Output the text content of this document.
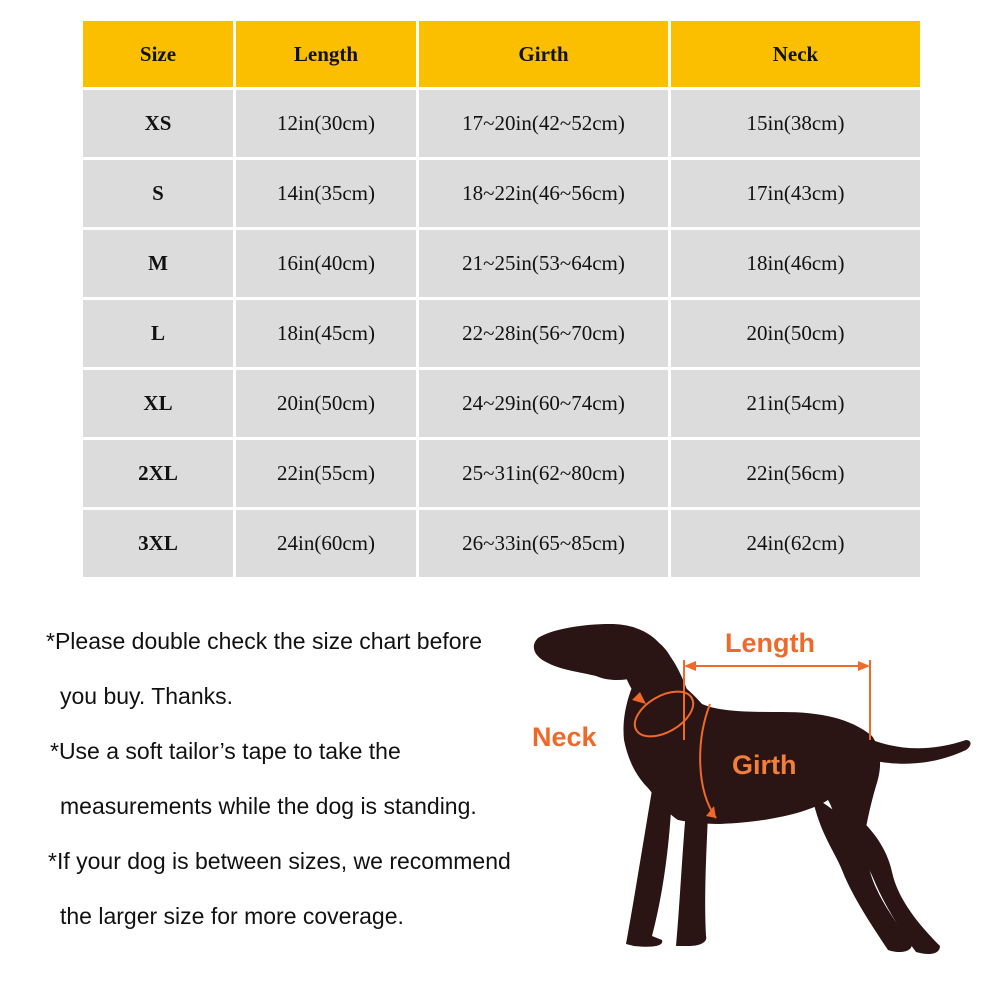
Size	Length	Girth	Neck
XS	12in(30cm)	17~20in(42~52cm)	15in(38cm)
S	14in(35cm)	18~22in(46~56cm)	17in(43cm)
M	16in(40cm)	21~25in(53~64cm)	18in(46cm)
L	18in(45cm)	22~28in(56~70cm)	20in(50cm)
XL	20in(50cm)	24~29in(60~74cm)	21in(54cm)
2XL	22in(55cm)	25~31in(62~80cm)	22in(56cm)
3XL	24in(60cm)	26~33in(65~85cm)	24in(62cm)
*Please double check the size chart before
you buy. Thanks.
*Use a soft tailor’s tape to take the
measurements while the dog is standing.
*If your dog is between sizes, we recommend
the larger size for more coverage.
Length
Neck
Girth
